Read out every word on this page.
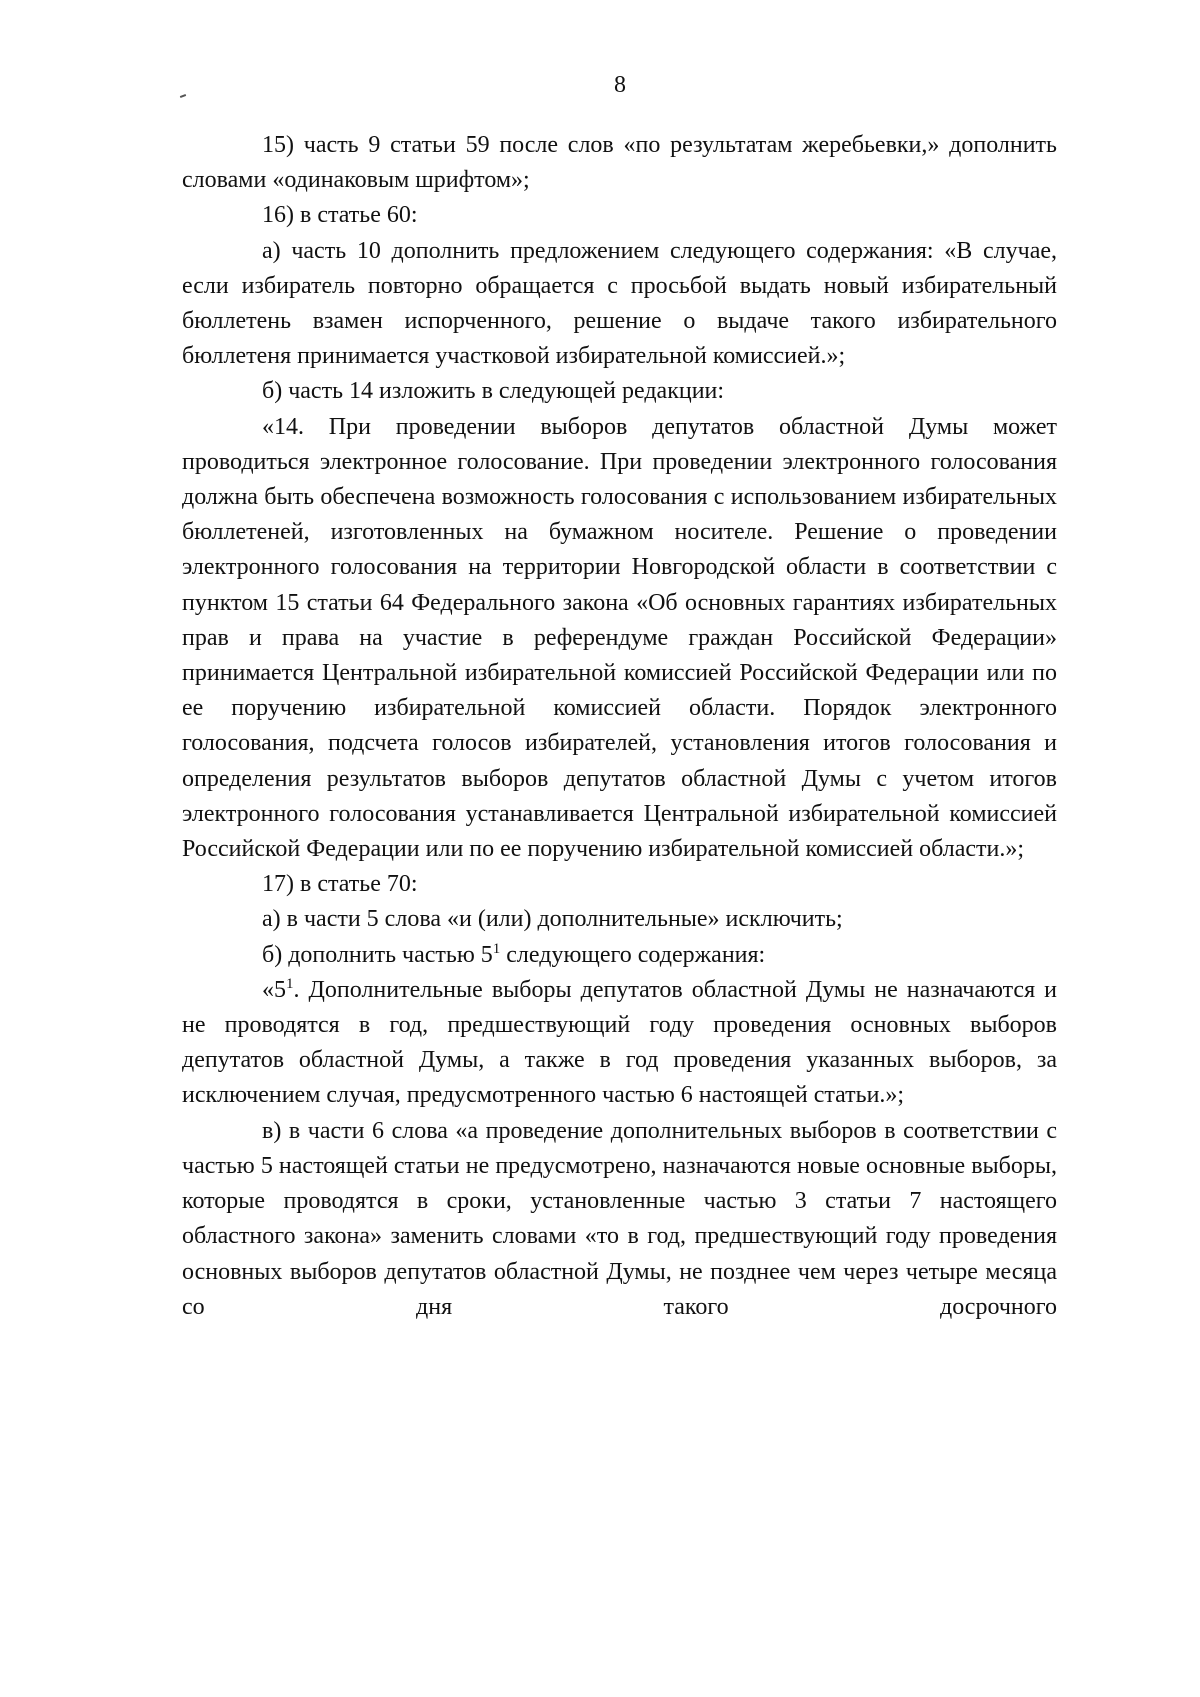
8

15) часть 9 статьи 59 после слов «по результатам жеребьевки,» дополнить словами «одинаковым шрифтом»;

16) в статье 60:

а) часть 10 дополнить предложением следующего содержания: «В случае, если избиратель повторно обращается с просьбой выдать новый избирательный бюллетень взамен испорченного, решение о выдаче такого избирательного бюллетеня принимается участковой избирательной комиссией.»;

б) часть 14 изложить в следующей редакции:

«14. При проведении выборов депутатов областной Думы может проводиться электронное голосование. При проведении электронного голосования должна быть обеспечена возможность голосования с использованием избирательных бюллетеней, изготовленных на бумажном носителе. Решение о проведении электронного голосования на территории Новгородской области в соответствии с пунктом 15 статьи 64 Федерального закона «Об основных гарантиях избирательных прав и права на участие в референдуме граждан Российской Федерации» принимается Центральной избирательной комиссией Российской Федерации или по ее поручению избирательной комиссией области. Порядок электронного голосования, подсчета голосов избирателей, установления итогов голосования и определения результатов выборов депутатов областной Думы с учетом итогов электронного голосования устанавливается Центральной избирательной комиссией Российской Федерации или по ее поручению избирательной комиссией области.»;

17) в статье 70:

а) в части 5 слова «и (или) дополнительные» исключить;

б) дополнить частью $5^1$ следующего содержания:

«$5^1$. Дополнительные выборы депутатов областной Думы не назначаются и не проводятся в год, предшествующий году проведения основных выборов депутатов областной Думы, а также в год проведения указанных выборов, за исключением случая, предусмотренного частью 6 настоящей статьи.»;

в) в части 6 слова «а проведение дополнительных выборов в соответствии с частью 5 настоящей статьи не предусмотрено, назначаются новые основные выборы, которые проводятся в сроки, установленные частью 3 статьи 7 настоящего областного закона» заменить словами «то в год, предшествующий году проведения основных выборов депутатов областной Думы, не позднее чем через четыре месяца со дня такого досрочного
